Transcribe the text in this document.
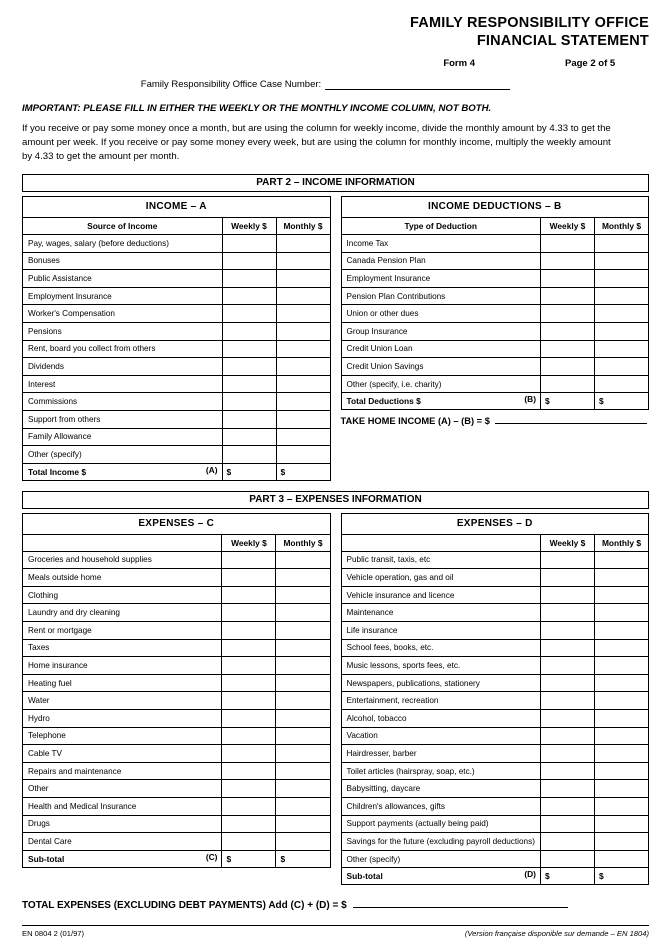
FAMILY RESPONSIBILITY OFFICE
FINANCIAL STATEMENT
Form 4	Page 2 of 5
Family Responsibility Office Case Number:
IMPORTANT: PLEASE FILL IN EITHER THE WEEKLY OR THE MONTHLY INCOME COLUMN, NOT BOTH.
If you receive or pay some money once a month, but are using the column for weekly income, divide the monthly amount by 4.33 to get the amount per week. If you receive or pay some money every week, but are using the column for monthly income, multiply the weekly amount by 4.33 to get the amount per month.
PART 2 – INCOME INFORMATION
INCOME – A		
Source of Income	Weekly $	Monthly $
Pay, wages, salary (before deductions)		
Bonuses		
Public Assistance		
Employment Insurance		
Worker's Compensation		
Pensions		
Rent, board you collect from others		
Dividends		
Interest		
Commissions		
Support from others		
Family Allowance		
Other (specify)		
Total Income $ (A)	$	$
INCOME DEDUCTIONS – B		
Type of Deduction	Weekly $	Monthly $
Income Tax		
Canada Pension Plan		
Employment Insurance		
Pension Plan Contributions		
Union or other dues		
Group Insurance		
Credit Union Loan		
Credit Union Savings		
Other (specify, i.e. charity)		
Total Deductions $ (B)	$	$
TAKE HOME INCOME (A) – (B) = $
PART 3 – EXPENSES INFORMATION
EXPENSES – C		
	Weekly $	Monthly $
Groceries and household supplies		
Meals outside home		
Clothing		
Laundry and dry cleaning		
Rent or mortgage		
Taxes		
Home insurance		
Heating fuel		
Water		
Hydro		
Telephone		
Cable TV		
Repairs and maintenance		
Other		
Health and Medical Insurance		
Drugs		
Dental Care		
Sub-total (C)	$	$
EXPENSES – D		
	Weekly $	Monthly $
Public transit, taxis, etc		
Vehicle operation, gas and oil		
Vehicle insurance and licence		
Maintenance		
Life insurance		
School fees, books, etc.		
Music lessons, sports fees, etc.		
Newspapers, publications, stationery		
Entertainment, recreation		
Alcohol, tobacco		
Vacation		
Hairdresser, barber		
Toilet articles (hairspray, soap, etc.)		
Babysitting, daycare		
Children's allowances, gifts		
Support payments (actually being paid)		
Savings for the future (excluding payroll deductions)		
Other (specify)		
Sub-total (D)	$	$
TOTAL EXPENSES (EXCLUDING DEBT PAYMENTS) Add (C) + (D) = $
EN 0804 2 (01/97)	(Version française disponible sur demande – EN 1804)
